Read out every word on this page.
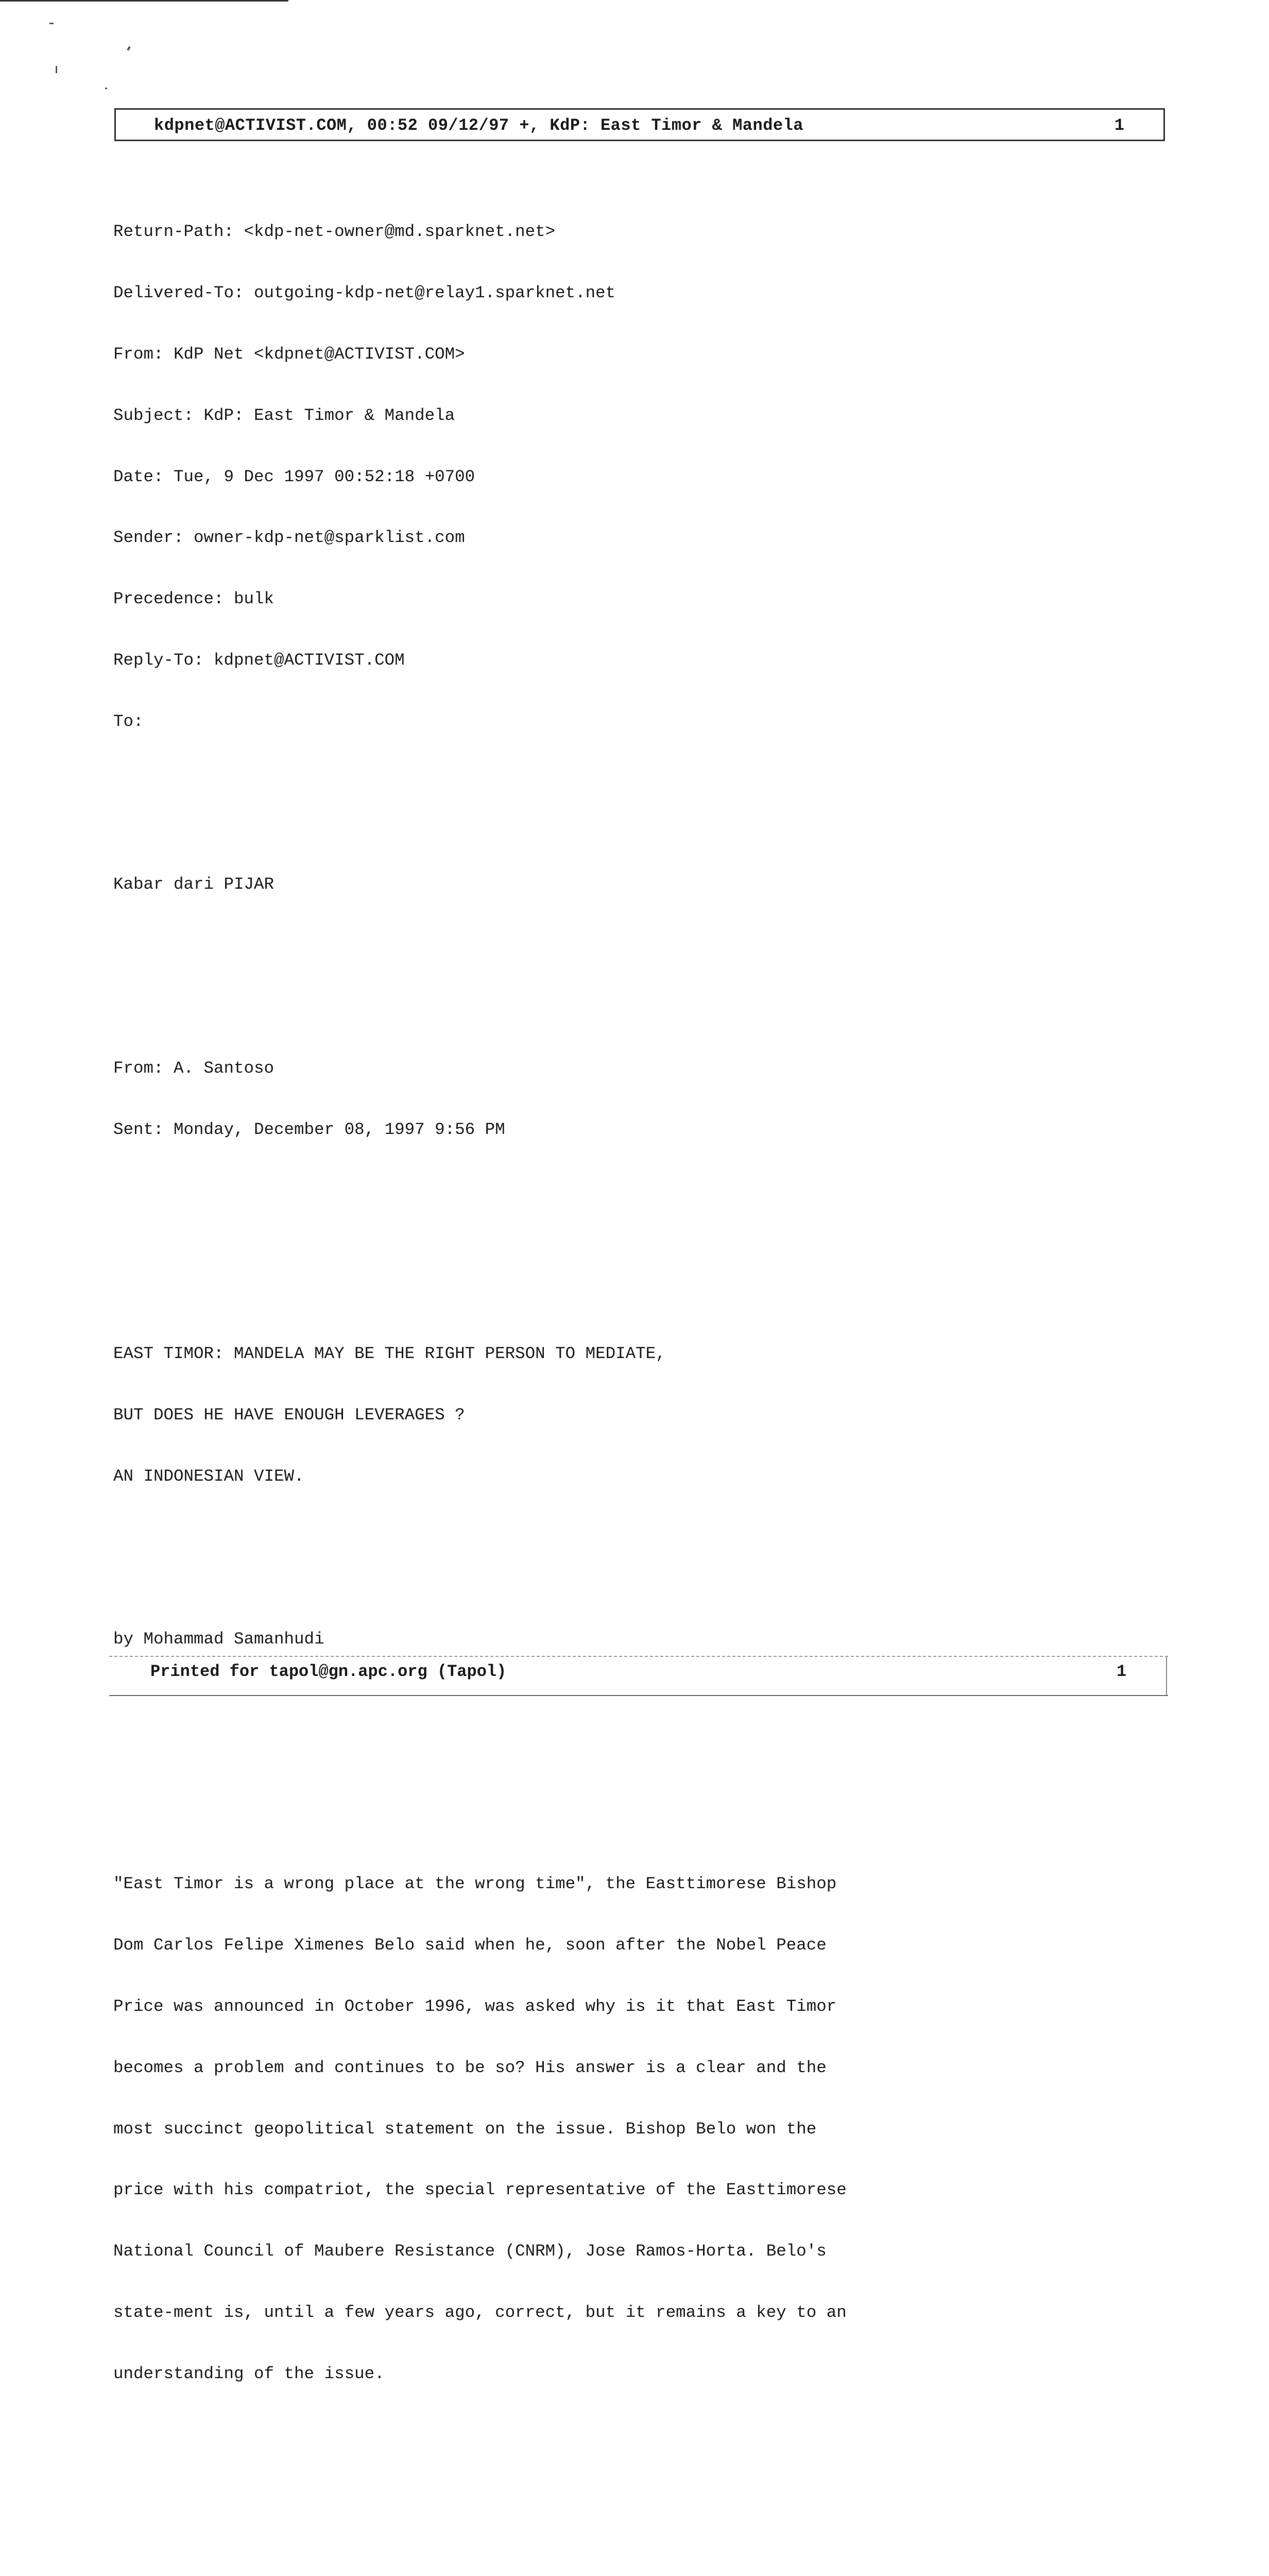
kdpnet@ACTIVIST.COM, 00:52 09/12/97 +, KdP: East Timor & Mandela	1

Return-Path: <kdp-net-owner@md.sparknet.net>

Delivered-To: outgoing-kdp-net@relay1.sparknet.net

From: KdP Net <kdpnet@ACTIVIST.COM>

Subject: KdP: East Timor & Mandela

Date: Tue, 9 Dec 1997 00:52:18 +0700

Sender: owner-kdp-net@sparklist.com

Precedence: bulk

Reply-To: kdpnet@ACTIVIST.COM

To:

Kabar dari PIJAR

From: A. Santoso

Sent: Monday, December 08, 1997 9:56 PM

EAST TIMOR: MANDELA MAY BE THE RIGHT PERSON TO MEDIATE,

BUT DOES HE HAVE ENOUGH LEVERAGES ?

AN INDONESIAN VIEW.

by Mohammad Samanhudi

"East Timor is a wrong place at the wrong time", the Easttimorese Bishop

Dom Carlos Felipe Ximenes Belo said when he, soon after the Nobel Peace

Price was announced in October 1996, was asked why is it that East Timor

becomes a problem and continues to be so? His answer is a clear and the

most succinct geopolitical statement on the issue. Bishop Belo won the

price with his compatriot, the special representative of the Easttimorese

National Council of Maubere Resistance (CNRM), Jose Ramos-Horta. Belo's

state-ment is, until a few years ago, correct, but it remains a key to an

understanding of the issue.

Printed for tapol@gn.apc.org (Tapol)	1
